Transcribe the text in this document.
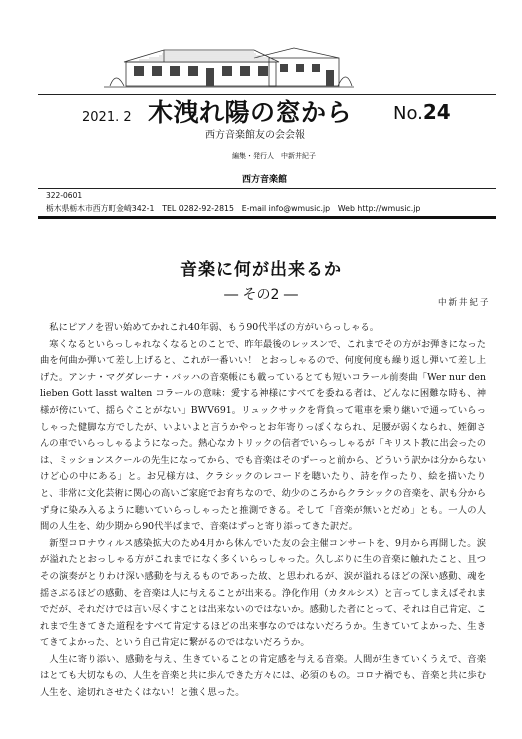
2021. 2 木洩れ陽の窓から No.24
西方音楽館友の会会報
編集・発行人　中新井紀子
西方音楽館
322-0601
栃木県栃木市西方町金崎342-1　TEL 0282-92-2815　E-mail info@wmusic.jp　Web http://wmusic.jp
音楽に何が出来るか
― その2 ―	中新井紀子

私にピアノを習い始めてかれこれ40年弱、もう90代半ばの方がいらっしゃる。

寒くなるといらっしゃれなくなるとのことで、昨年最後のレッスンで、これまでその方がお弾きになった曲を何曲か弾いて差し上げると、これが一番いい！ とおっしゃるので、何度何度も繰り返し弾いて差し上げた。アンナ・マグダレーナ・バッハの音楽帳にも載っているとても短いコラール前奏曲「Wer nur den lieben Gott lasst walten コラールの意味：愛する神様にすべてを委ねる者は、どんなに困難な時も、神様が傍にいて、揺らぐことがない」BWV691。リュックサックを背負って電車を乗り継いで通っていらっしゃった健脚な方でしたが、いよいよと言うかやっとお年寄りっぽくなられ、足腰が弱くなられ、姪御さんの車でいらっしゃるようになった。熱心なカトリックの信者でいらっしゃるが「キリスト教に出会ったのは、ミッションスクールの先生になってから、でも音楽はそのずーっと前から、どういう訳かは分からないけど心の中にある」と。お兄様方は、クラシックのレコードを聴いたり、詩を作ったり、絵を描いたりと、非常に文化芸術に関心の高いご家庭でお育ちなので、幼少のころからクラシックの音楽を、訳も分からず身に染み入るように聴いていらっしゃったと推測できる。そして「音楽が無いとだめ」とも。一人の人間の人生を、幼少期から90代半ばまで、音楽はずっと寄り添ってきた訳だ。

新型コロナウィルス感染拡大のため4月から休んでいた友の会主催コンサートを、9月から再開した。涙が溢れたとおっしゃる方がこれまでになく多くいらっしゃった。久しぶりに生の音楽に触れたこと、且つその演奏がとりわけ深い感動を与えるものであった故、と思われるが、涙が溢れるほどの深い感動、魂を揺さぶるほどの感動、を音楽は人に与えることが出来る。浄化作用（カタルシス）と言ってしまえばそれまでだが、それだけでは言い尽くすことは出来ないのではないか。感動した者にとって、それは自己肯定、これまで生きてきた道程をすべて肯定するほどの出来事なのではないだろうか。生きていてよかった、生きてきてよかった、という自己肯定に繋がるのではないだろうか。

人生に寄り添い、感動を与え、生きていることの肯定感を与える音楽。人間が生きていくうえで、音楽はとても大切なもの、人生を音楽と共に歩んできた方々には、必須のもの。コロナ禍でも、音楽と共に歩む人生を、途切れさせたくはない！と強く思った。
